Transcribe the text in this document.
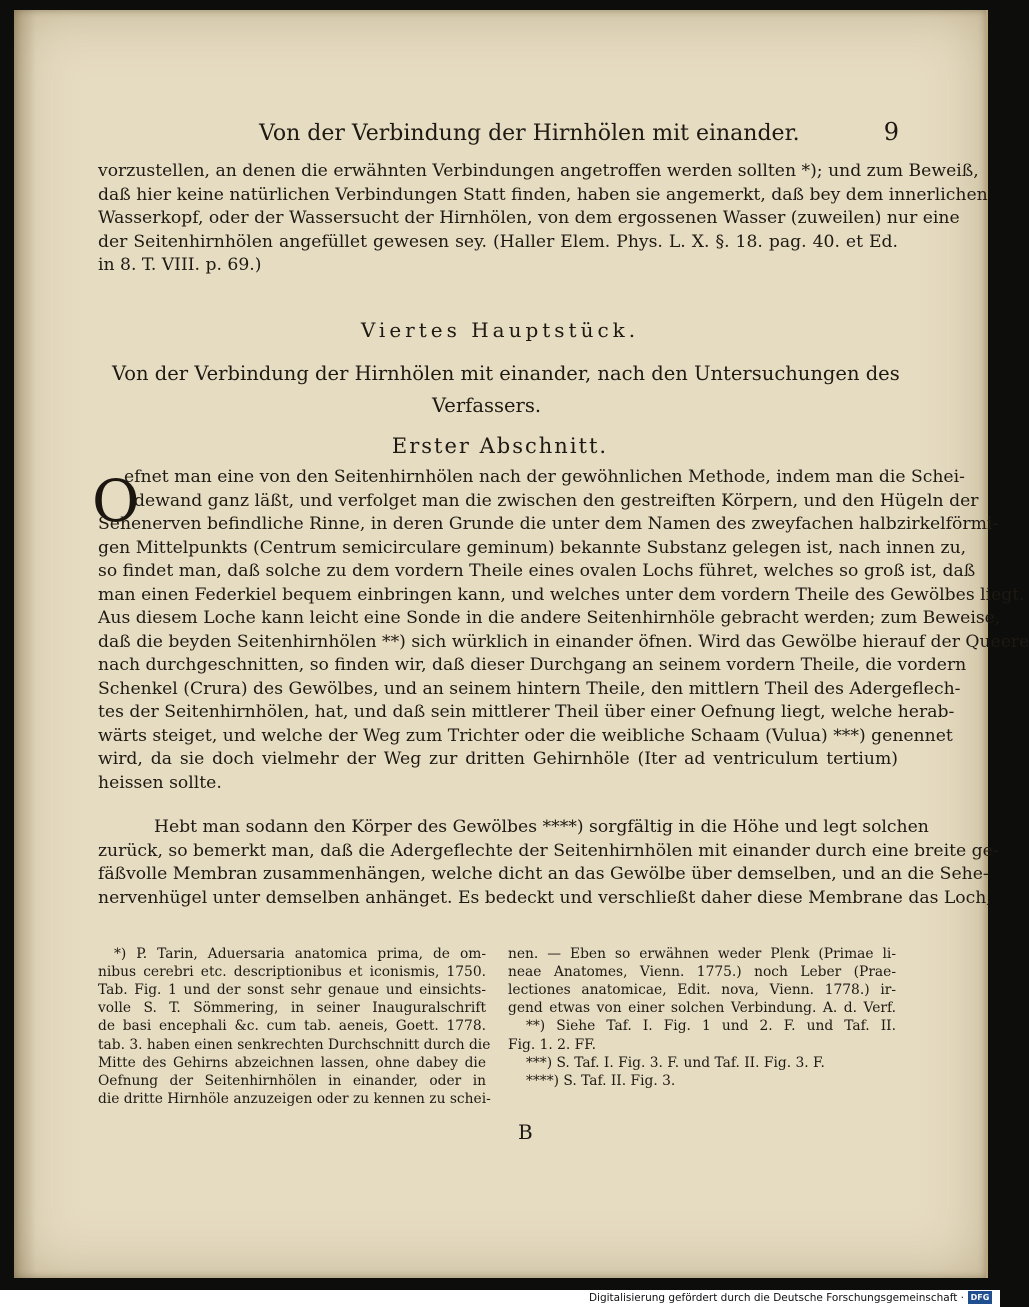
Von der Verbindung der Hirnhölen mit einander.	9
vorzustellen, an denen die erwähnten Verbindungen angetroffen werden sollten *); und zum Beweiß,
daß hier keine natürlichen Verbindungen Statt finden, haben sie angemerkt, daß bey dem innerlichen
Wasserkopf, oder der Wassersucht der Hirnhölen, von dem ergossenen Wasser (zuweilen) nur eine
der Seitenhirnhölen angefüllet gewesen sey. (Haller Elem. Phys. L. X. §. 18. pag. 40. et Ed.
in 8. T. VIII. p. 69.)
Viertes Hauptstück.
Von der Verbindung der Hirnhölen mit einander, nach den Untersuchungen des
Verfassers.
Erster Abschnitt.
O
efnet man eine von den Seitenhirnhölen nach der gewöhnlichen Methode, indem man die Schei-
dewand ganz läßt, und verfolget man die zwischen den gestreiften Körpern, und den Hügeln der
Sehenerven befindliche Rinne, in deren Grunde die unter dem Namen des zweyfachen halbzirkelförmi-
gen Mittelpunkts (Centrum semicirculare geminum) bekannte Substanz gelegen ist, nach innen zu,
so findet man, daß solche zu dem vordern Theile eines ovalen Lochs führet, welches so groß ist, daß
man einen Federkiel bequem einbringen kann, und welches unter dem vordern Theile des Gewölbes liegt.
Aus diesem Loche kann leicht eine Sonde in die andere Seitenhirnhöle gebracht werden; zum Beweise,
daß die beyden Seitenhirnhölen **) sich würklich in einander öfnen. Wird das Gewölbe hierauf der Queere
nach durchgeschnitten, so finden wir, daß dieser Durchgang an seinem vordern Theile, die vordern
Schenkel (Crura) des Gewölbes, und an seinem hintern Theile, den mittlern Theil des Adergeflech-
tes der Seitenhirnhölen, hat, und daß sein mittlerer Theil über einer Oefnung liegt, welche herab-
wärts steiget, und welche der Weg zum Trichter oder die weibliche Schaam (Vulua) ***) genennet
wird, da sie doch vielmehr der Weg zur dritten Gehirnhöle (Iter ad ventriculum tertium)
heissen sollte.
Hebt man sodann den Körper des Gewölbes ****) sorgfältig in die Höhe und legt solchen
zurück, so bemerkt man, daß die Adergeflechte der Seitenhirnhölen mit einander durch eine breite ge-
fäßvolle Membran zusammenhängen, welche dicht an das Gewölbe über demselben, und an die Sehe-
nervenhügel unter demselben anhänget. Es bedeckt und verschließt daher diese Membrane das Loch,
*) P. Tarin, Aduersaria anatomica prima, de om-
nibus cerebri etc. descriptionibus et iconismis, 1750.
Tab. Fig. 1 und der sonst sehr genaue und einsichts-
volle S. T. Sömmering, in seiner Inauguralschrift
de basi encephali &c. cum tab. aeneis, Goett. 1778.
tab. 3. haben einen senkrechten Durchschnitt durch die
Mitte des Gehirns abzeichnen lassen, ohne dabey die
Oefnung der Seitenhirnhölen in einander, oder in
die dritte Hirnhöle anzuzeigen oder zu kennen zu schei-
nen. — Eben so erwähnen weder Plenk (Primae li-
neae Anatomes, Vienn. 1775.) noch Leber (Prae-
lectiones anatomicae, Edit. nova, Vienn. 1778.) ir-
gend etwas von einer solchen Verbindung. A. d. Verf.
**) Siehe Taf. I. Fig. 1 und 2. F. und Taf. II.
Fig. 1. 2. FF.
***) S. Taf. I. Fig. 3. F. und Taf. II. Fig. 3. F.
****) S. Taf. II. Fig. 3.
B
Digitalisierung gefördert durch die Deutsche Forschungsgemeinschaft · DFG
